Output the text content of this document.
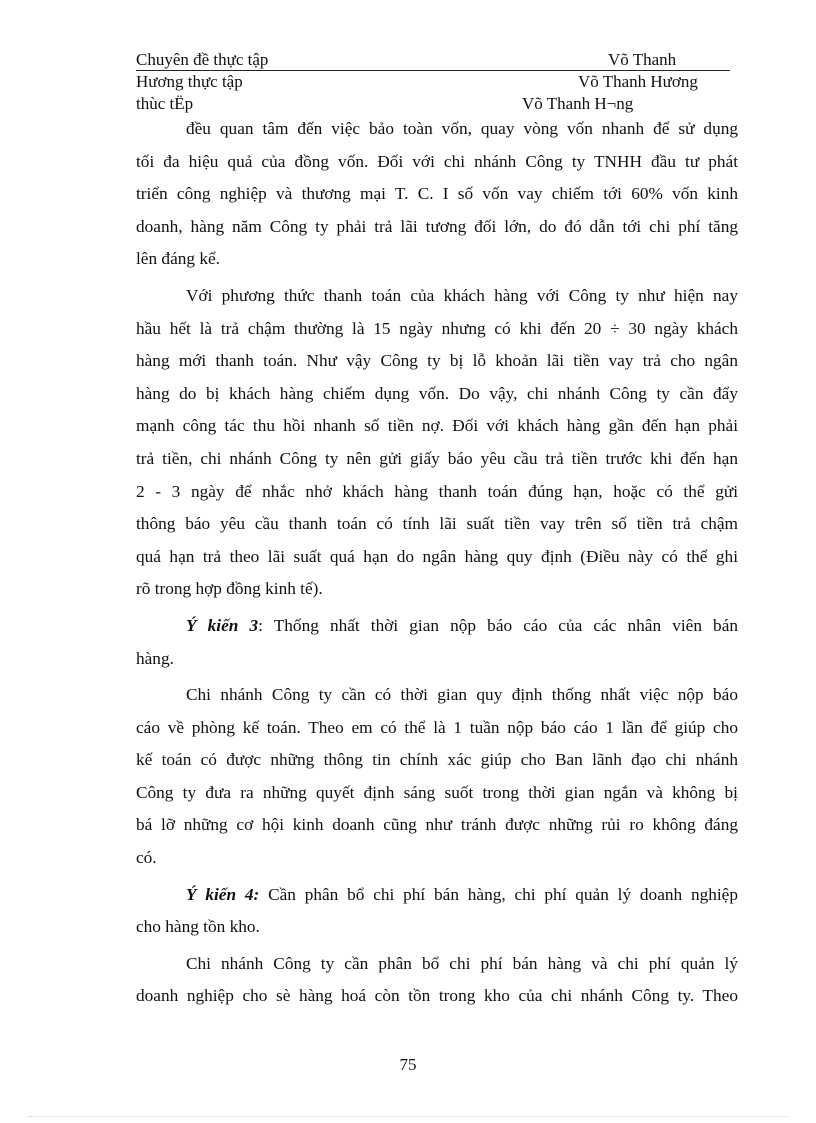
Chuyên đề thực tập	Võ Thanh
Hương thực tập	Võ Thanh Hương
thùc tËp	Võ Thanh H¬ng
đều quan tâm đến việc bảo toàn vốn, quay vòng vốn nhanh để sử dụng
tối đa hiệu quả của đồng vốn. Đối với chi nhánh Công ty TNHH đầu tư phát
triển công nghiệp và thương mại T. C. I số vốn vay chiếm tới 60% vốn kinh
doanh, hàng năm Công ty phải trả lãi tương đối lớn, do đó dẫn tới chi phí tăng
lên đáng kể.
Với phương thức thanh toán của khách hàng với Công ty như hiện nay
hầu hết là trả chậm thường là 15 ngày nhưng có khi đến 20 ÷ 30 ngày khách
hàng mới thanh toán. Như vậy Công ty bị lỗ khoản lãi tiền vay trả cho ngân
hàng do bị khách hàng chiếm dụng vốn. Do vậy, chi nhánh Công ty cần đẩy
mạnh công tác thu hồi nhanh số tiền nợ. Đối với khách hàng gần đến hạn phải
trả tiền, chi nhánh Công ty nên gửi giấy báo yêu cầu trả tiền trước khi đến hạn
2 - 3 ngày để nhắc nhở khách hàng thanh toán đúng hạn, hoặc có thể gửi
thông báo yêu cầu thanh toán có tính lãi suất tiền vay trên số tiền trả chậm
quá hạn trả theo lãi suất quá hạn do ngân hàng quy định (Điều này có thể ghi
rõ trong hợp đồng kinh tế).
Ý kiến 3: Thống nhất thời gian nộp báo cáo của các nhân viên bán
hàng.
Chi nhánh Công ty cần có thời gian quy định thống nhất việc nộp báo
cáo về phòng kế toán. Theo em có thể là 1 tuần nộp báo cáo 1 lần để giúp cho
kế toán có được những thông tin chính xác giúp cho Ban lãnh đạo chi nhánh
Công ty đưa ra những quyết định sáng suốt trong thời gian ngắn và không bị
bá lỡ những cơ hội kinh doanh cũng như tránh được những rủi ro không đáng
có.
Ý kiến 4: Cần phân bổ chi phí bán hàng, chi phí quản lý doanh nghiệp
cho hàng tồn kho.
Chi nhánh Công ty cần phân bổ chi phí bán hàng và chi phí quản lý
doanh nghiệp cho sè hàng hoá còn tồn trong kho của chi nhánh Công ty. Theo
75
